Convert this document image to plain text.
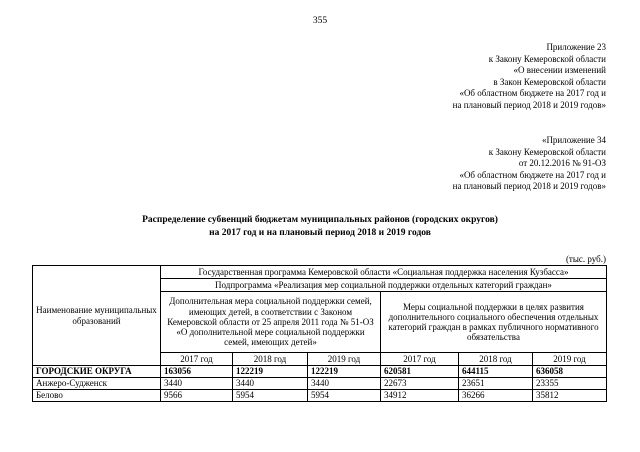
355
Приложение 23
к Закону Кемеровской области
«О внесении изменений
в Закон Кемеровской области
«Об областном бюджете на 2017 год и
на плановый период 2018 и 2019 годов»
«Приложение 34
к Закону Кемеровской области
от 20.12.2016 № 91-ОЗ
«Об областном бюджете на 2017 год и
на плановый период 2018 и 2019 годов»
Распределение субвенций бюджетам муниципальных районов (городских округов)
на 2017 год и на плановый период 2018 и 2019 годов
(тыс. руб.)
Наименование муниципальных образований	Государственная программа Кемеровской области «Социальная поддержка населения Кузбасса»					
	Подпрограмма «Реализация мер социальной поддержки отдельных категорий граждан»					
	Дополнительная мера социальной поддержки семей, имеющих детей, в соответствии с Законом Кемеровской области от 25 апреля 2011 года № 51-ОЗ «О дополнительной мере социальной поддержки семей, имеющих детей»			Меры социальной поддержки в целях развития дополнительного социального обеспечения отдельных категорий граждан в рамках публичного нормативного обязательства		
	2017 год	2018 год	2019 год	2017 год	2018 год	2019 год
ГОРОДСКИЕ ОКРУГА	163056	122219	122219	620581	644115	636058
Анжеро-Судженск	3440	3440	3440	22673	23651	23355
Белово	9566	5954	5954	34912	36266	35812
